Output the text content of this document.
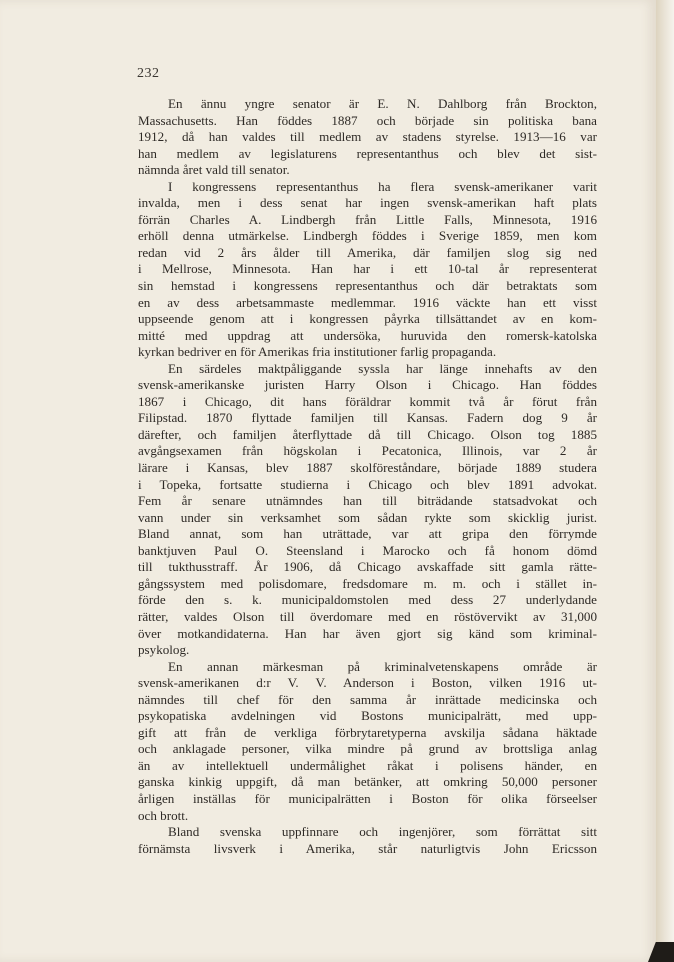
232
En ännu yngre senator är E. N. Dahlborg från Brockton,
Massachusetts. Han föddes 1887 och började sin politiska bana
1912, då han valdes till medlem av stadens styrelse. 1913—16 var
han medlem av legislaturens representanthus och blev det sist-
nämnda året vald till senator.
I kongressens representanthus ha flera svensk-amerikaner varit
invalda, men i dess senat har ingen svensk-amerikan haft plats
förrän Charles A. Lindbergh från Little Falls, Minnesota, 1916
erhöll denna utmärkelse. Lindbergh föddes i Sverige 1859, men kom
redan vid 2 års ålder till Amerika, där familjen slog sig ned
i Mellrose, Minnesota. Han har i ett 10-tal år representerat
sin hemstad i kongressens representanthus och där betraktats som
en av dess arbetsammaste medlemmar. 1916 väckte han ett visst
uppseende genom att i kongressen påyrka tillsättandet av en kom-
mitté med uppdrag att undersöka, huruvida den romersk-katolska
kyrkan bedriver en för Amerikas fria institutioner farlig propaganda.
En särdeles maktpåliggande syssla har länge innehafts av den
svensk-amerikanske juristen Harry Olson i Chicago. Han föddes
1867 i Chicago, dit hans föräldrar kommit två år förut från
Filipstad. 1870 flyttade familjen till Kansas. Fadern dog 9 år
därefter, och familjen återflyttade då till Chicago. Olson tog 1885
avgångsexamen från högskolan i Pecatonica, Illinois, var 2 år
lärare i Kansas, blev 1887 skolföreståndare, började 1889 studera
i Topeka, fortsatte studierna i Chicago och blev 1891 advokat.
Fem år senare utnämndes han till biträdande statsadvokat och
vann under sin verksamhet som sådan rykte som skicklig jurist.
Bland annat, som han uträttade, var att gripa den förrymde
banktjuven Paul O. Steensland i Marocko och få honom dömd
till tukthusstraff. År 1906, då Chicago avskaffade sitt gamla rätte-
gångssystem med polisdomare, fredsdomare m. m. och i stället in-
förde den s. k. municipaldomstolen med dess 27 underlydande
rätter, valdes Olson till överdomare med en röstövervikt av 31,000
över motkandidaterna. Han har även gjort sig känd som kriminal-
psykolog.
En annan märkesman på kriminalvetenskapens område är
svensk-amerikanen d:r V. V. Anderson i Boston, vilken 1916 ut-
nämndes till chef för den samma år inrättade medicinska och
psykopatiska avdelningen vid Bostons municipalrätt, med upp-
gift att från de verkliga förbrytaretyperna avskilja sådana häktade
och anklagade personer, vilka mindre på grund av brottsliga anlag
än av intellektuell undermålighet råkat i polisens händer, en
ganska kinkig uppgift, då man betänker, att omkring 50,000 personer
årligen inställas för municipalrätten i Boston för olika förseelser
och brott.
Bland svenska uppfinnare och ingenjörer, som förrättat sitt
förnämsta livsverk i Amerika, står naturligtvis John Ericsson
